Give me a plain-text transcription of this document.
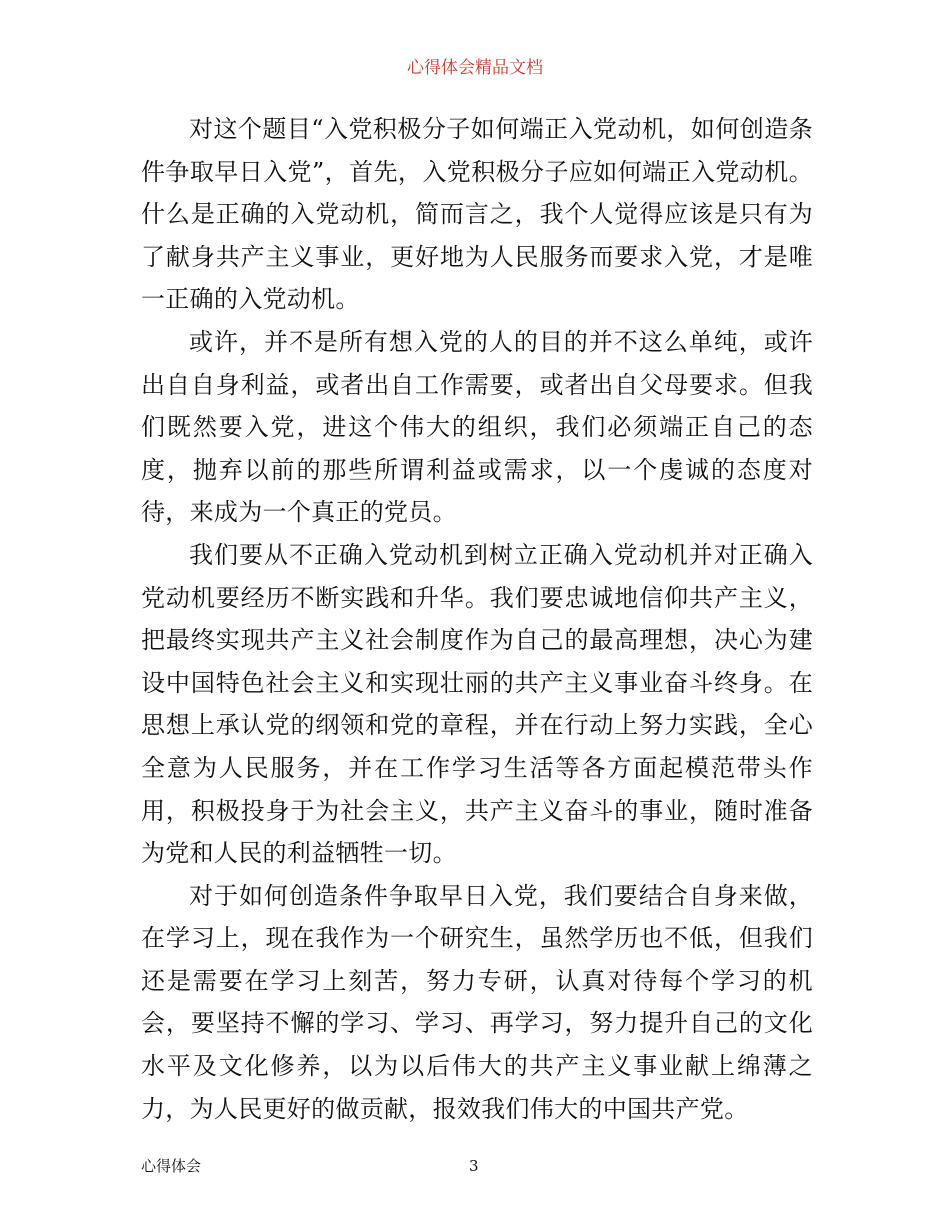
心得体会精品文档

对这个题目“入党积极分子如何端正入党动机，如何创造条件争取早日入党”，首先，入党积极分子应如何端正入党动机。什么是正确的入党动机，简而言之，我个人觉得应该是只有为了献身共产主义事业，更好地为人民服务而要求入党，才是唯一正确的入党动机。

或许，并不是所有想入党的人的目的并不这么单纯，或许出自自身利益，或者出自工作需要，或者出自父母要求。但我们既然要入党，进这个伟大的组织，我们必须端正自己的态度，抛弃以前的那些所谓利益或需求，以一个虔诚的态度对待，来成为一个真正的党员。

我们要从不正确入党动机到树立正确入党动机并对正确入党动机要经历不断实践和升华。我们要忠诚地信仰共产主义，把最终实现共产主义社会制度作为自己的最高理想，决心为建设中国特色社会主义和实现壮丽的共产主义事业奋斗终身。在思想上承认党的纲领和党的章程，并在行动上努力实践，全心全意为人民服务，并在工作学习生活等各方面起模范带头作用，积极投身于为社会主义，共产主义奋斗的事业，随时准备为党和人民的利益牺牲一切。

对于如何创造条件争取早日入党，我们要结合自身来做，在学习上，现在我作为一个研究生，虽然学历也不低，但我们还是需要在学习上刻苦，努力专研，认真对待每个学习的机会，要坚持不懈的学习、学习、再学习，努力提升自己的文化水平及文化修养，以为以后伟大的共产主义事业献上绵薄之力，为人民更好的做贡献，报效我们伟大的中国共产党。

心得体会	3
